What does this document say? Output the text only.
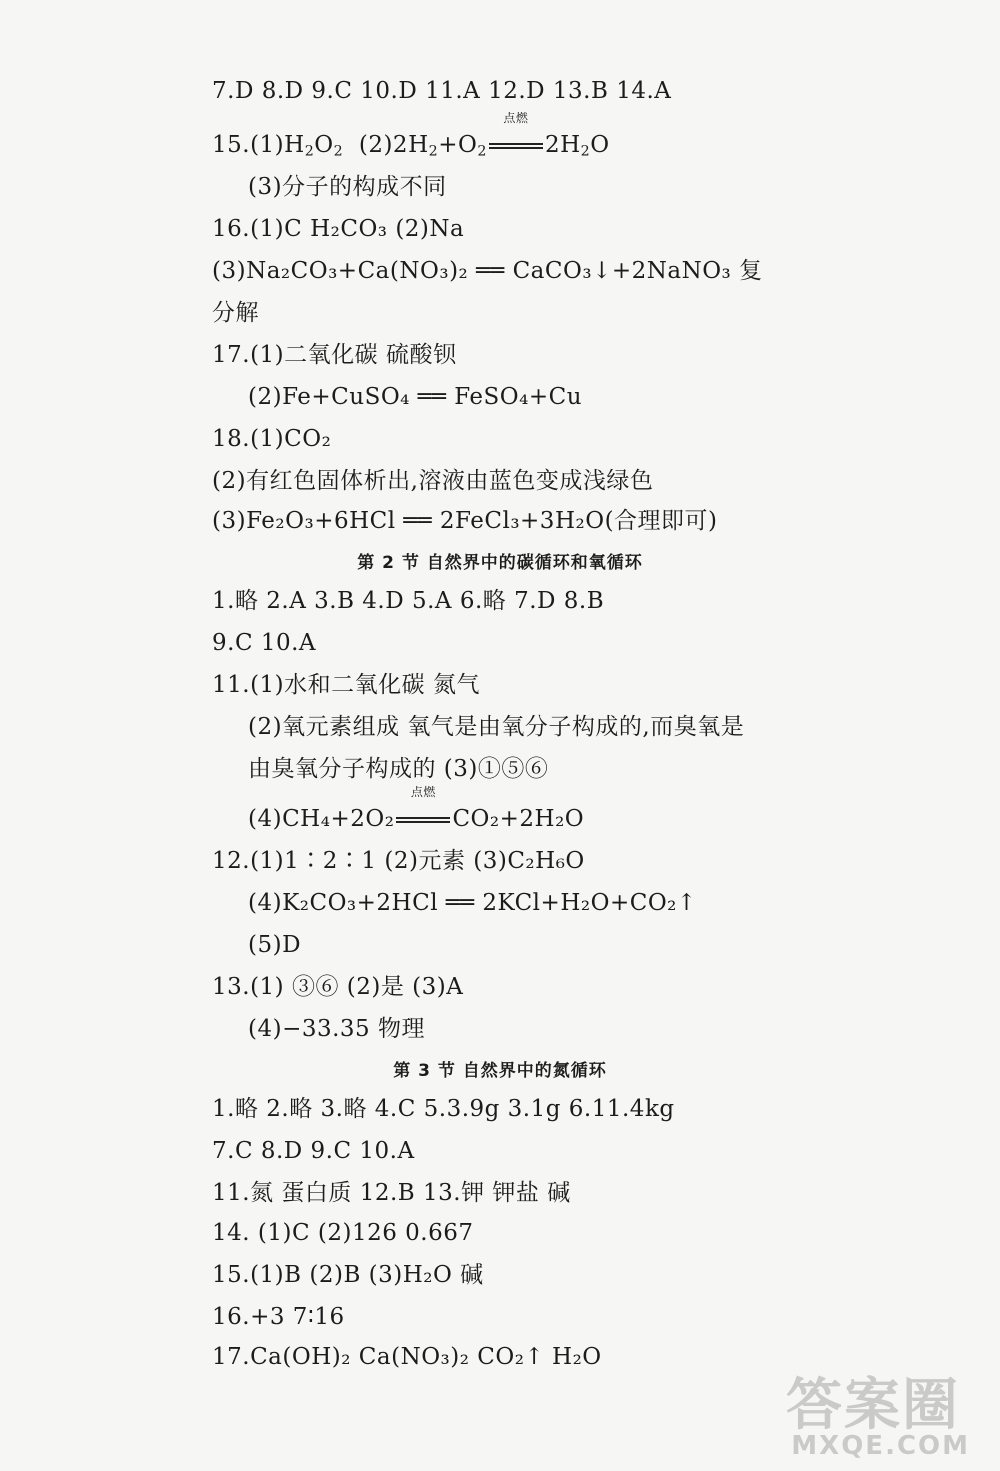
7.D 8.D 9.C 10.D 11.A 12.D 13.B 14.A
$15.(1)H_2O_2$  $(2)2H_2+O_2$
点燃
$2H_2O$
(3)分子的构成不同
16.(1)C H₂CO₃ (2)Na
(3)Na₂CO₃+Ca(NO₃)₂ ══ CaCO₃↓+2NaNO₃ 复
分解
17.(1)二氧化碳 硫酸钡
(2)Fe+CuSO₄ ══ FeSO₄+Cu
18.(1)CO₂
(2)有红色固体析出,溶液由蓝色变成浅绿色
(3)Fe₂O₃+6HCl ══ 2FeCl₃+3H₂O(合理即可)
第 2 节 自然界中的碳循环和氧循环
1.略 2.A 3.B 4.D 5.A 6.略 7.D 8.B
9.C 10.A
11.(1)水和二氧化碳 氮气
(2)氧元素组成 氧气是由氧分子构成的,而臭氧是
由臭氧分子构成的 (3)①⑤⑥
(4)CH₄+2O₂
点燃
CO₂+2H₂O
12.(1)1∶2∶1 (2)元素 (3)C₂H₆O
(4)K₂CO₃+2HCl ══ 2KCl+H₂O+CO₂↑
(5)D
13.(1) ③⑥ (2)是 (3)A
(4)−33.35 物理
第 3 节 自然界中的氮循环
1.略 2.略 3.略 4.C 5.3.9g 3.1g 6.11.4kg
7.C 8.D 9.C 10.A
11.氮 蛋白质 12.B 13.钾 钾盐 碱
14. (1)C (2)126 0.667
15.(1)B (2)B (3)H₂O 碱
16.+3 7∶16
17.Ca(OH)₂ Ca(NO₃)₂ CO₂↑ H₂O
答案圈
MXQE.COM
